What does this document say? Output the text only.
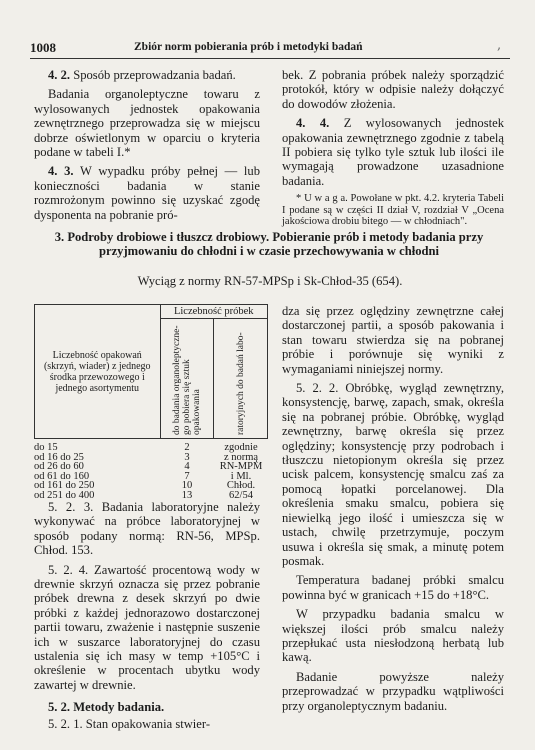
1008	Zbiór norm pobierania prób i metodyki badań	,

4. 2. Sposób przeprowadzania badań.

Badania organoleptyczne towaru z wylosowanych jednostek opakowania zewnętrznego przeprowadza się w miejscu dobrze oświetlonym w oparciu o kryteria podane w tabeli I.*

4. 3. W wypadku próby pełnej — lub konieczności badania w stanie rozmrożonym powinno się uzyskać zgodę dysponenta na pobranie pró-

bek. Z pobrania próbek należy sporządzić protokół, który w odpisie należy dołączyć do dowodów złożenia.

4. 4. Z wylosowanych jednostek opakowania zewnętrznego zgodnie z tabelą II pobiera się tylko tyle sztuk lub ilości ile wymagają prowadzone uzasadnione badania.

* U w a g a. Powołane w pkt. 4.2. kryteria Tabeli I podane są w części II dział V, rozdział V „Ocena jakościowa drobiu bitego — w chłodniach".

3. Podroby drobiowe i tłuszcz drobiowy. Pobieranie prób i metody badania przy przyjmowaniu do chłodni i w czasie przechowywania w chłodni
Wyciąg z normy RN-57-MPSp i Sk-Chłod-35 (654).
Liczebność opakowań (skrzyń, wiader) z jednego środka przewozowego i jednego asortymentu	Liczebność próbek	

	do badania organoleptyczne-go pobiera się sztuk opakowania	ratoryjnych do badań labo-
do 15	2	zgodnie
od 16 do 25	3	z normą
od 26 do 60	4	RN-MPM
od 61 do 160	7	i Ml.
od 161 do 250	10	Chłod.
od 251 do 400	13	62/54

5. 2. 3. Badania laboratoryjne należy wykonywać na próbce laboratoryjnej w sposób podany normą: RN-56, MPSp. Chłod. 153.

5. 2. 4. Zawartość procentową wody w drewnie skrzyń oznacza się przez pobranie próbek drewna z desek skrzyń po dwie próbki z każdej jednorazowo dostarczonej partii towaru, zważenie i następnie suszenie ich w suszarce laboratoryjnej do czasu ustalenia się ich masy w temp +105°C i określenie w procentach ubytku wody zawartej w drewnie.

5. 2. Metody badania.

5. 2. 1. Stan opakowania stwier-

dza się przez oględziny zewnętrzne całej dostarczonej partii, a sposób pakowania i stan towaru stwierdza się na pobranej próbie i porównuje się wyniki z wymaganiami niniejszej normy.

5. 2. 2. Obróbkę, wygląd zewnętrzny, konsystencję, barwę, zapach, smak, określa się na pobranej próbie. Obróbkę, wygląd zewnętrzny, barwę określa się przez oględziny; konsystencję przy podrobach i tłuszczu nietopionym określa się przez ucisk palcem, konsystencję smalcu zaś za pomocą łopatki porcelanowej. Dla określenia smaku smalcu, pobiera się niewielką jego ilość i umieszcza się w ustach, chwilę przetrzymuje, poczym usuwa i określa się smak, a minutę potem posmak.

Temperatura badanej próbki smalcu powinna być w granicach +15 do +18°C.

W przypadku badania smalcu w większej ilości prób smalcu należy przepłukać usta niesłodzoną herbatą lub kawą.

Badanie powyższe należy przeprowadzać w przypadku wątpliwości przy organoleptycznym badaniu.
